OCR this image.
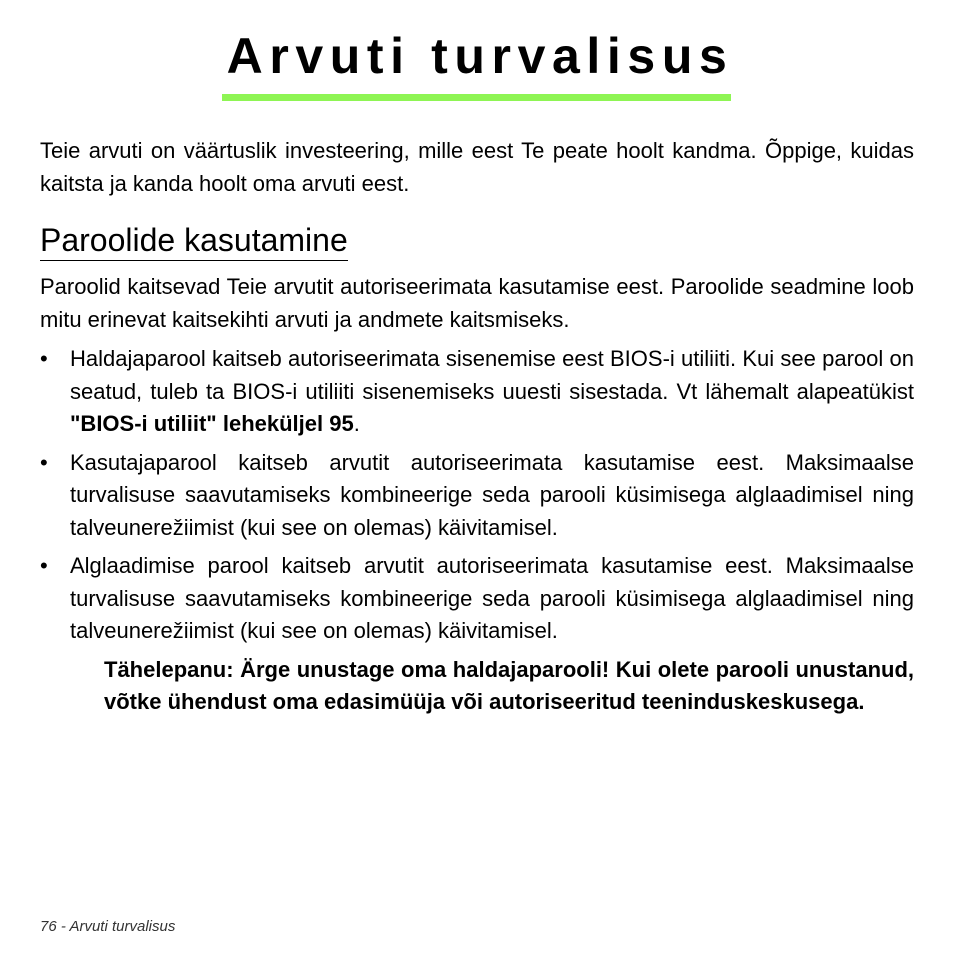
Arvuti turvalisus

Teie arvuti on väärtuslik investeering, mille eest Te peate hoolt kandma. Õppige, kuidas kaitsta ja kanda hoolt oma arvuti eest.

Paroolide kasutamine

Paroolid kaitsevad Teie arvutit autoriseerimata kasutamise eest. Paroolide seadmine loob mitu erinevat kaitsekihti arvuti ja andmete kaitsmiseks.

• Haldajaparool kaitseb autoriseerimata sisenemise eest BIOS-i utiliiti. Kui see parool on seatud, tuleb ta BIOS-i utiliiti sisenemiseks uuesti sisestada. Vt lähemalt alapeatükist "BIOS-i utiliit" leheküljel 95.
• Kasutajaparool kaitseb arvutit autoriseerimata kasutamise eest. Maksimaalse turvalisuse saavutamiseks kombineerige seda parooli küsimisega alglaadimisel ning talveunerežiimist (kui see on olemas) käivitamisel.
• Alglaadimise parool kaitseb arvutit autoriseerimata kasutamise eest. Maksimaalse turvalisuse saavutamiseks kombineerige seda parooli küsimisega alglaadimisel ning talveunerežiimist (kui see on olemas) käivitamisel.

Tähelepanu: Ärge unustage oma haldajaparooli! Kui olete parooli unustanud, võtke ühendust oma edasimüüja või autoriseeritud teeninduskeskusega.

76 - Arvuti turvalisus
